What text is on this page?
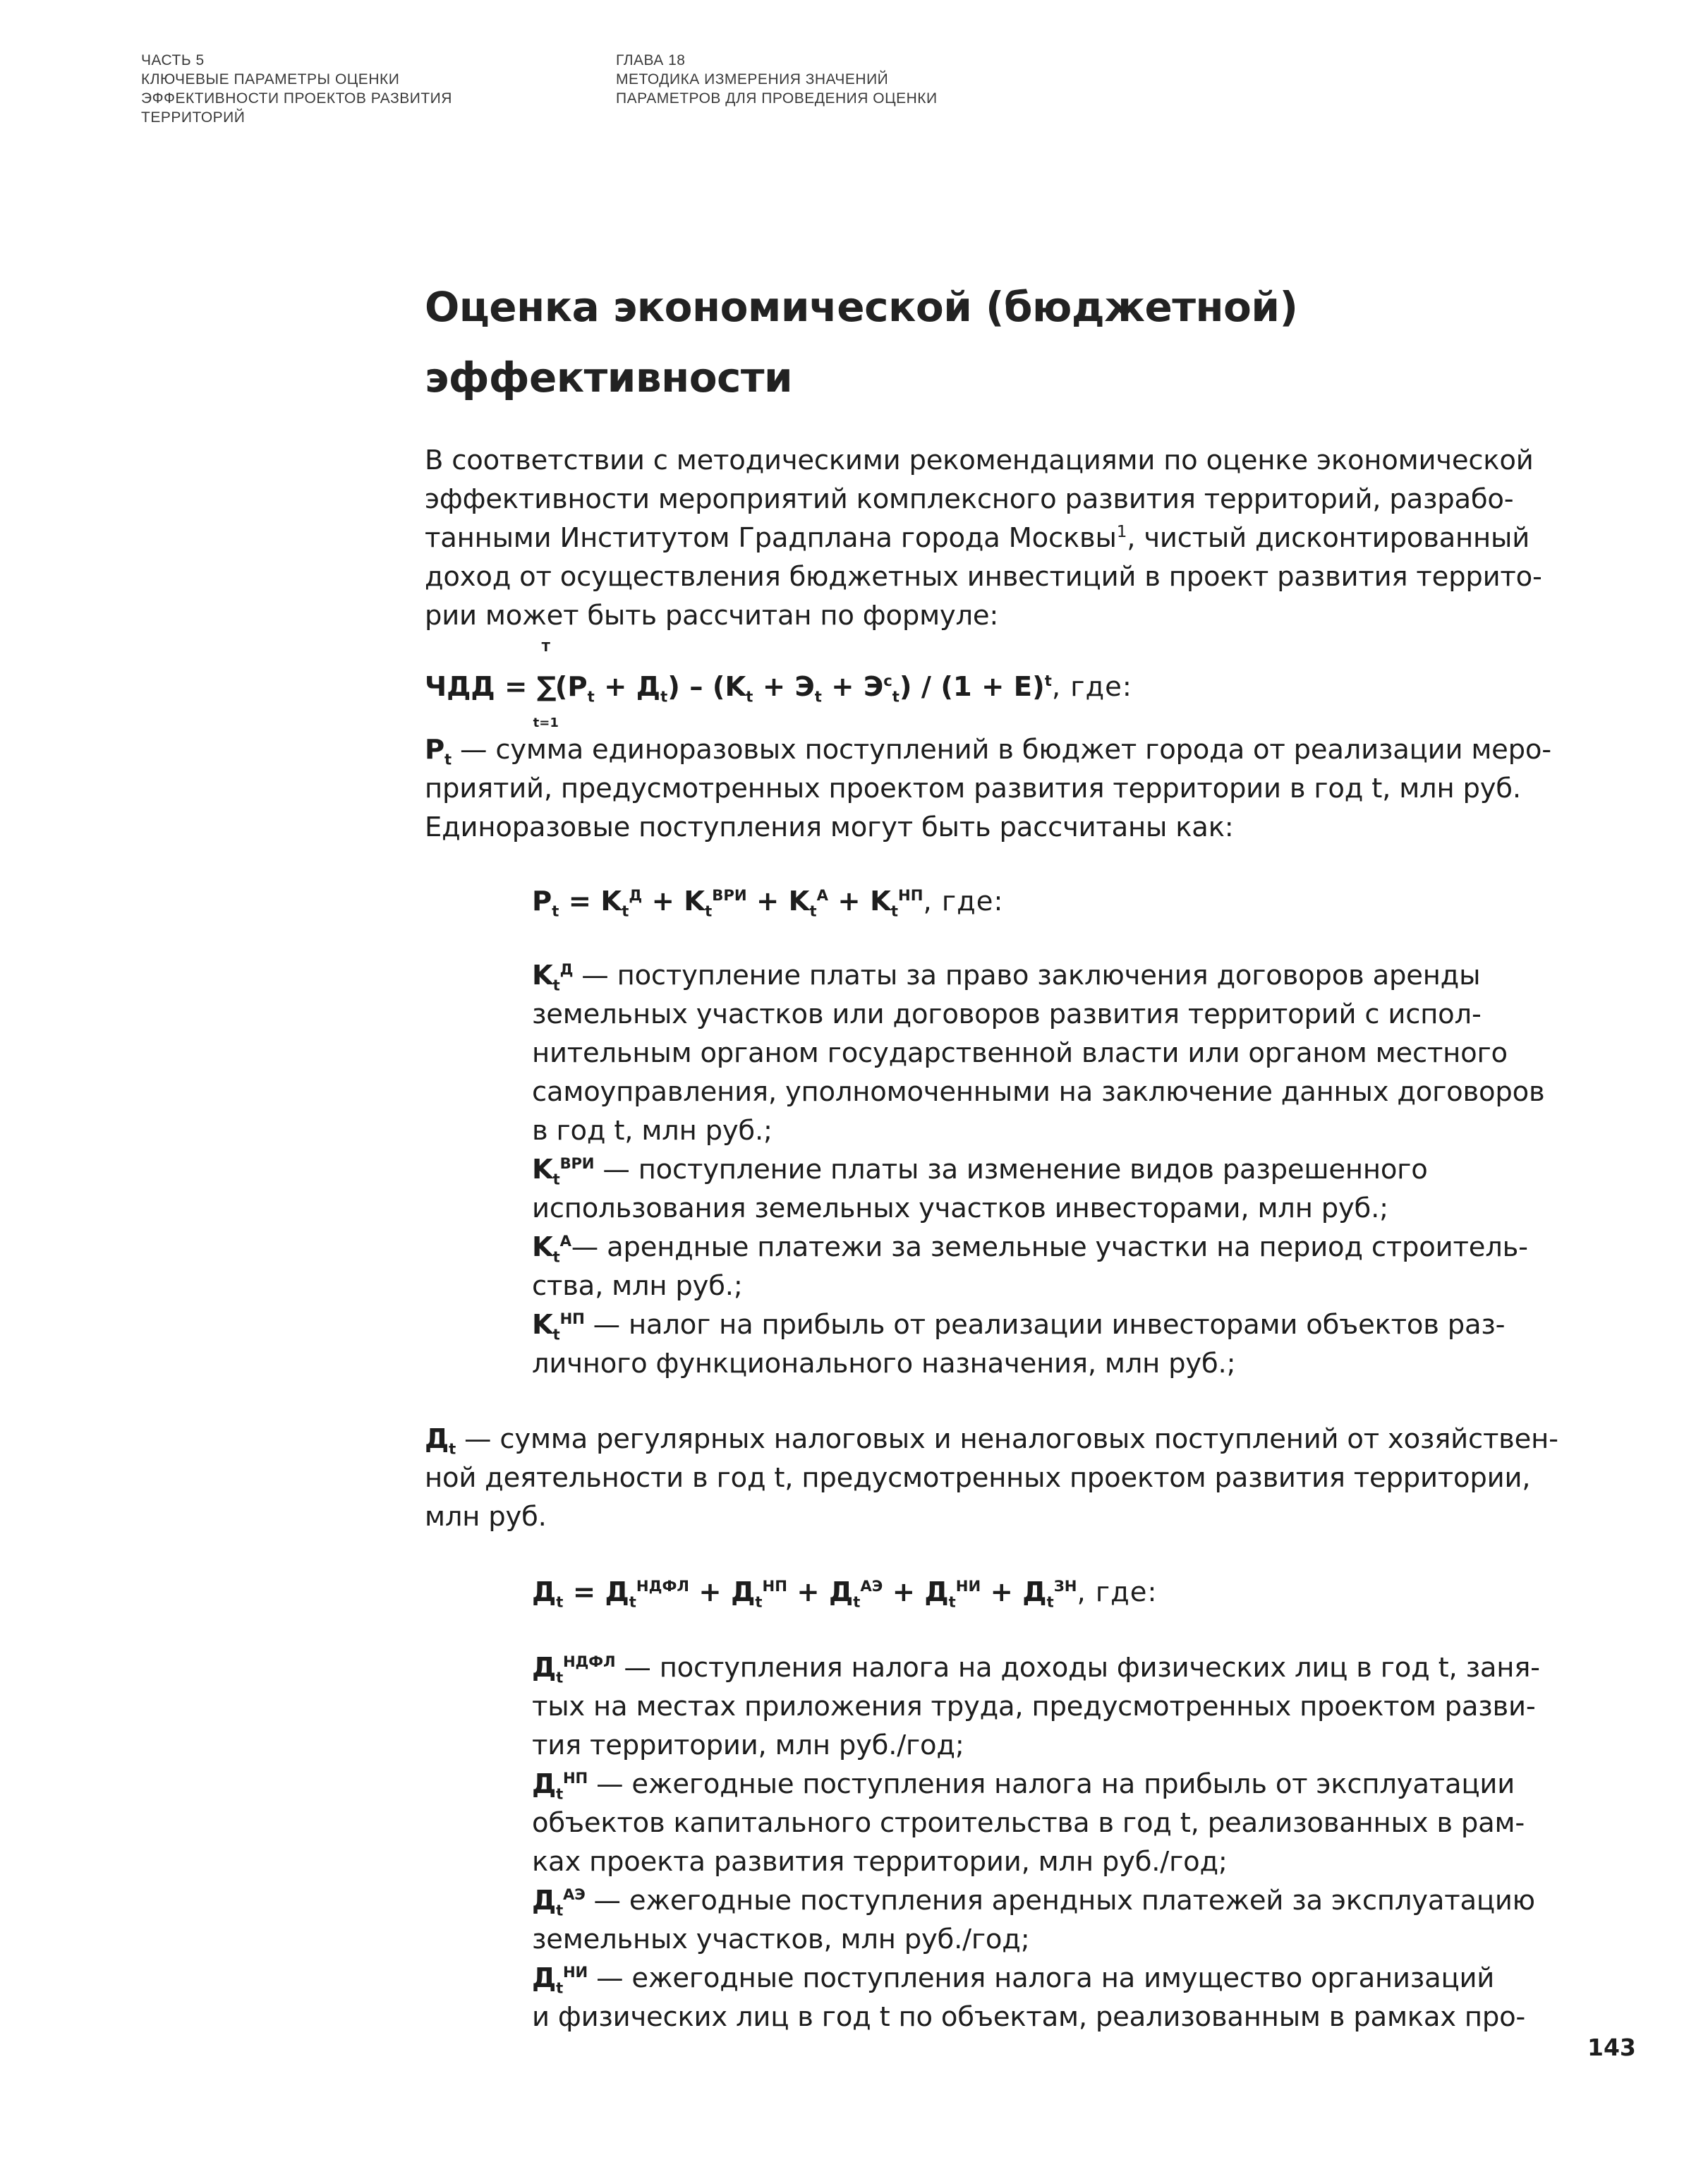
ЧАСТЬ 5
КЛЮЧЕВЫЕ ПАРАМЕТРЫ ОЦЕНКИ
ЭФФЕКТИВНОСТИ ПРОЕКТОВ РАЗВИТИЯ
ТЕРРИТОРИЙ
ГЛАВА 18
МЕТОДИКА ИЗМЕРЕНИЯ ЗНАЧЕНИЙ
ПАРАМЕТРОВ ДЛЯ ПРОВЕДЕНИЯ ОЦЕНКИ
Оценка экономической (бюджетной)
эффективности

В соответствии с методическими рекомендациями по оценке экономической
эффективности мероприятий комплексного развития территорий, разрабо-
танными Институтом Градплана города Москвы$^1$, чистый дисконтированный
доход от осуществления бюджетных инвестиций в проект развития террито-
рии может быть рассчитан по формуле:

ЧДД =
T
∑
t=1
$(P_t + Д_t) - (K_t + Э_t + Э^c_t) / (1 + E)^t$, где:

$P_t$ — сумма единоразовых поступлений в бюджет города от реализации меро-
приятий, предусмотренных проектом развития территории в год t, млн руб.
Единоразовые поступления могут быть рассчитаны как:

$P_t = K_t^Д + K_t^{ВРИ} + K_t^А + K_t^{НП}$, где:
$K_t^Д$ — поступление платы за право заключения договоров аренды
земельных участков или договоров развития территорий с испол-
нительным органом государственной власти или органом местного
самоуправления, уполномоченными на заключение данных договоров
в год t, млн руб.;
$K_t^{ВРИ}$ — поступление платы за изменение видов разрешенного
использования земельных участков инвесторами, млн руб.;
$K_t^А—$ арендные платежи за земельные участки на период строитель-
ства, млн руб.;
$K_t^{НП}$ — налог на прибыль от реализации инвесторами объектов раз-
личного функционального назначения, млн руб.;

$Д_t$ — сумма регулярных налоговых и неналоговых поступлений от хозяйствен-
ной деятельности в год t, предусмотренных проектом развития территории,
млн руб.

$Д_t = Д_t^{НДФЛ} + Д_t^{НП} + Д_t^{АЭ} + Д_t^{НИ} + Д_t^{ЗН}$, где:
$Д_t^{НДФЛ}$ — поступления налога на доходы физических лиц в год t, заня-
тых на местах приложения труда, предусмотренных проектом разви-
тия территории, млн руб./год;
$Д_t^{НП}$ — ежегодные поступления налога на прибыль от эксплуатации
объектов капитального строительства в год t, реализованных в рам-
ках проекта развития территории, млн руб./год;
$Д_t^{АЭ}$ — ежегодные поступления арендных платежей за эксплуатацию
земельных участков, млн руб./год;
$Д_t^{НИ}$ — ежегодные поступления налога на имущество организаций
и физических лиц в год t по объектам, реализованным в рамках про-
143
